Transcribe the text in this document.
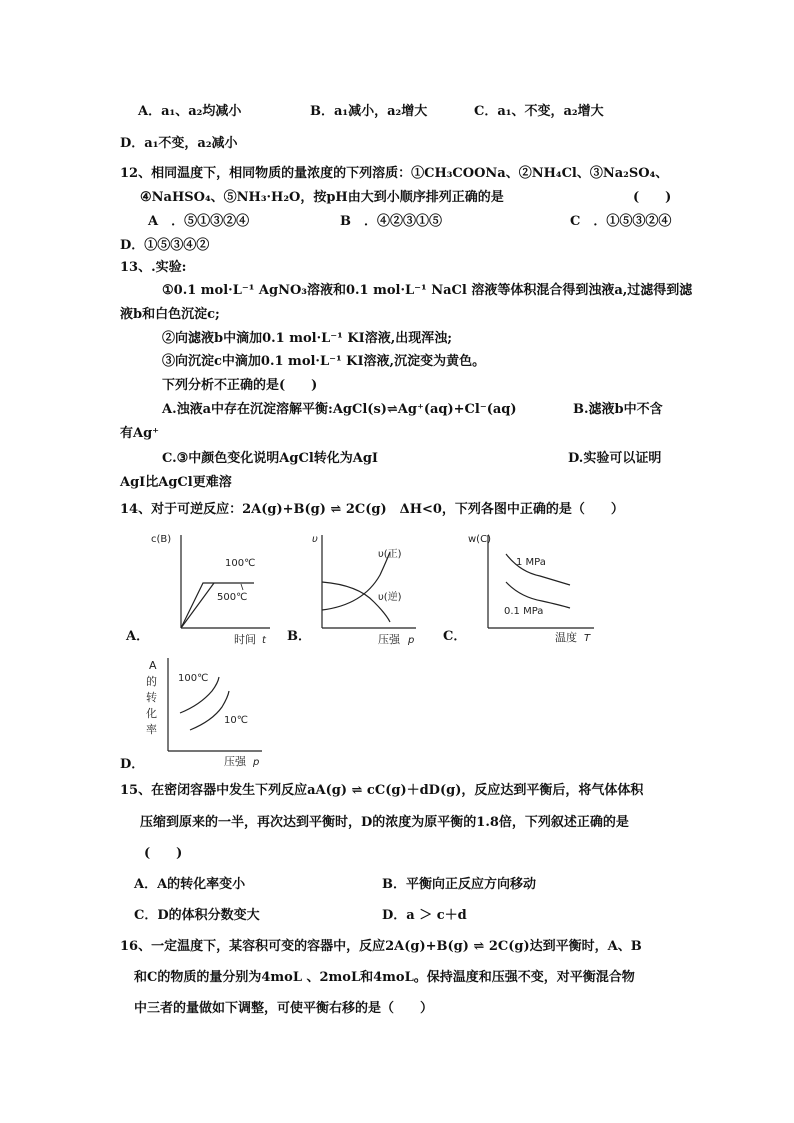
A．a₁、a₂均减小	B．a₁减小，a₂增大	C．a₁、不变，a₂增大
D．a₁不变，a₂减小
12、相同温度下，相同物质的量浓度的下列溶质：①CH₃COONa、②NH₄Cl、③Na₂SO₄、
④NaHSO₄、⑤NH₃·H₂O，按pH由大到小顺序排列正确的是	(　　)
A　．⑤①③②④	B　．④②③①⑤	C　．①⑤③②④
D．①⑤③④②
13、.实验:
①0.1 mol·L⁻¹ AgNO₃溶液和0.1 mol·L⁻¹ NaCl 溶液等体积混合得到浊液a,过滤得到滤
液b和白色沉淀c;
②向滤液b中滴加0.1 mol·L⁻¹ KI溶液,出现浑浊;
③向沉淀c中滴加0.1 mol·L⁻¹ KI溶液,沉淀变为黄色。
下列分析不正确的是(　　)
A.浊液a中存在沉淀溶解平衡:AgCl(s)⇌Ag⁺(aq)+Cl⁻(aq)	B.滤液b中不含
有Ag⁺
C.③中颜色变化说明AgCl转化为AgI	D.实验可以证明
AgI比AgCl更难溶
14、对于可逆反应：2A(g)+B(g) ⇌ 2C(g)　ΔH<0，下列各图中正确的是（　　）
A．	B．	C．
D．
c(B)
100℃
500℃
时间 t
υ
υ(正)
υ(逆)
压强 p
w(C)
1 MPa
0.1 MPa
温度 T
A
的
转
化
率
100℃
10℃
压强 p
15、在密闭容器中发生下列反应aA(g) ⇌ cC(g)＋dD(g)，反应达到平衡后，将气体体积
压缩到原来的一半，再次达到平衡时，D的浓度为原平衡的1.8倍，下列叙述正确的是
(　　)
A．A的转化率变小	B．平衡向正反应方向移动
C．D的体积分数变大	D．a ＞ c＋d
16、一定温度下，某容积可变的容器中，反应2A(g)+B(g) ⇌ 2C(g)达到平衡时，A、B
和C的物质的量分别为4moL 、2moL和4moL。保持温度和压强不变，对平衡混合物
中三者的量做如下调整，可使平衡右移的是（　　）
